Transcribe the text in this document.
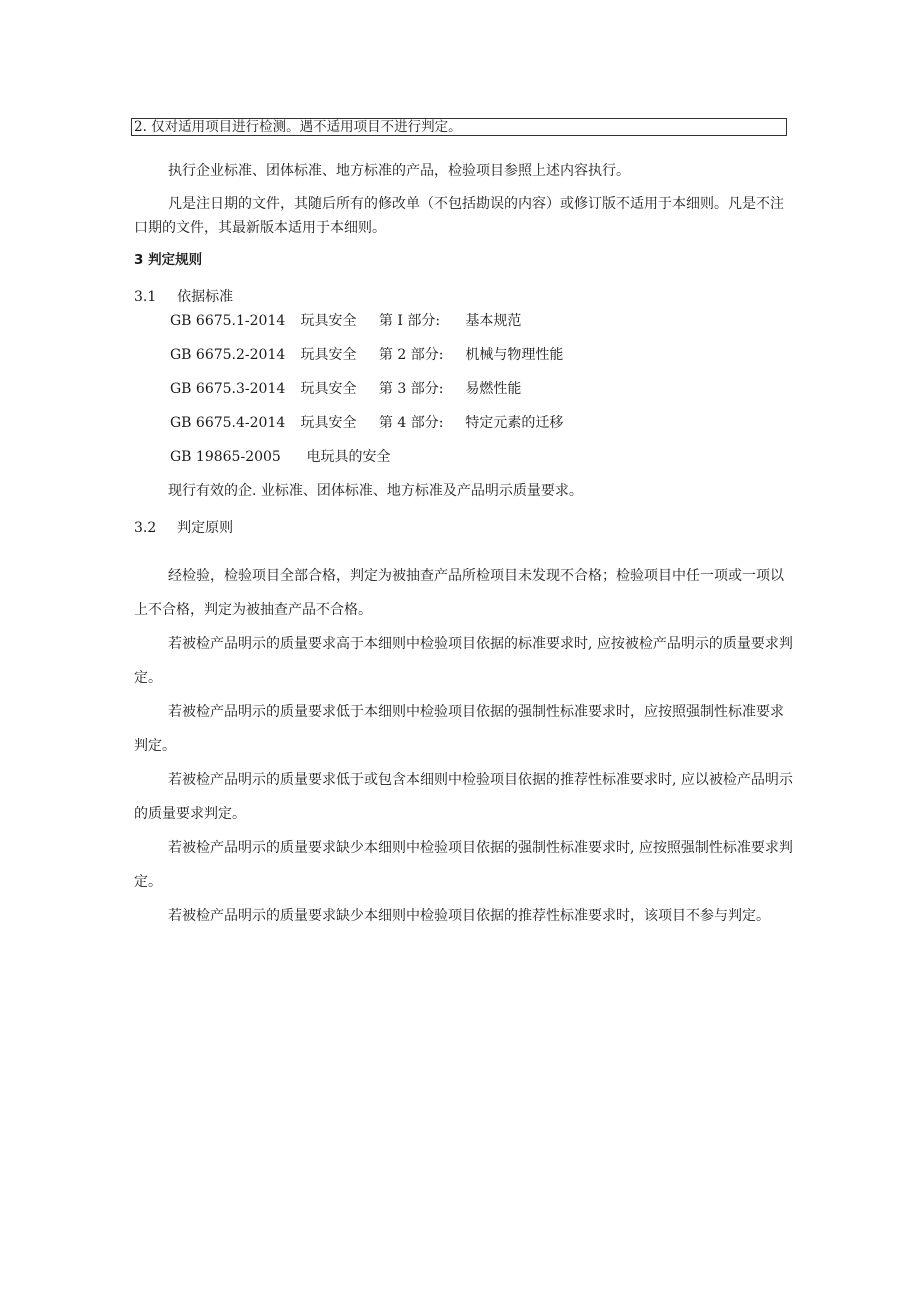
2. 仅对适用项目进行检测。遇不适用项目不进行判定。
执行企业标准、团体标准、地方标准的产品，检验项目参照上述内容执行。

凡是注日期的文件，其随后所有的修改单（不包括勘误的内容）或修订版不适用于本细则。凡是不注口期的文件，其最新版本适用于本细则。

3 判定规则
3.1 依据标准
GB 6675.1-2014 玩具安全 第 I 部分: 基本规范
GB 6675.2-2014 玩具安全 第 2 部分: 机械与物理性能
GB 6675.3-2014 玩具安全 第 3 部分: 易燃性能
GB 6675.4-2014 玩具安全 第 4 部分: 特定元素的迁移
GB 19865-2005 电玩具的安全
现行有效的企. 业标准、团体标准、地方标准及产品明示质量要求。
3.2 判定原则

经检验，检验项目全部合格，判定为被抽查产品所检项目未发现不合格；检验项目中任一项或一项以上不合格，判定为被抽查产品不合格。

若被检产品明示的质量要求高于本细则中检验项目依据的标准要求时, 应按被检产品明示的质量要求判定。

若被检产品明示的质量要求低于本细则中检验项目依据的强制性标准要求时，应按照强制性标准要求判定。

若被检产品明示的质量要求低于或包含本细则中检验项目依据的推荐性标准要求时, 应以被检产品明示的质量要求判定。

若被检产品明示的质量要求缺少本细则中检验项目依据的强制性标准要求时, 应按照强制性标准要求判定。

若被检产品明示的质量要求缺少本细则中检验项目依据的推荐性标准要求时，该项目不参与判定。
